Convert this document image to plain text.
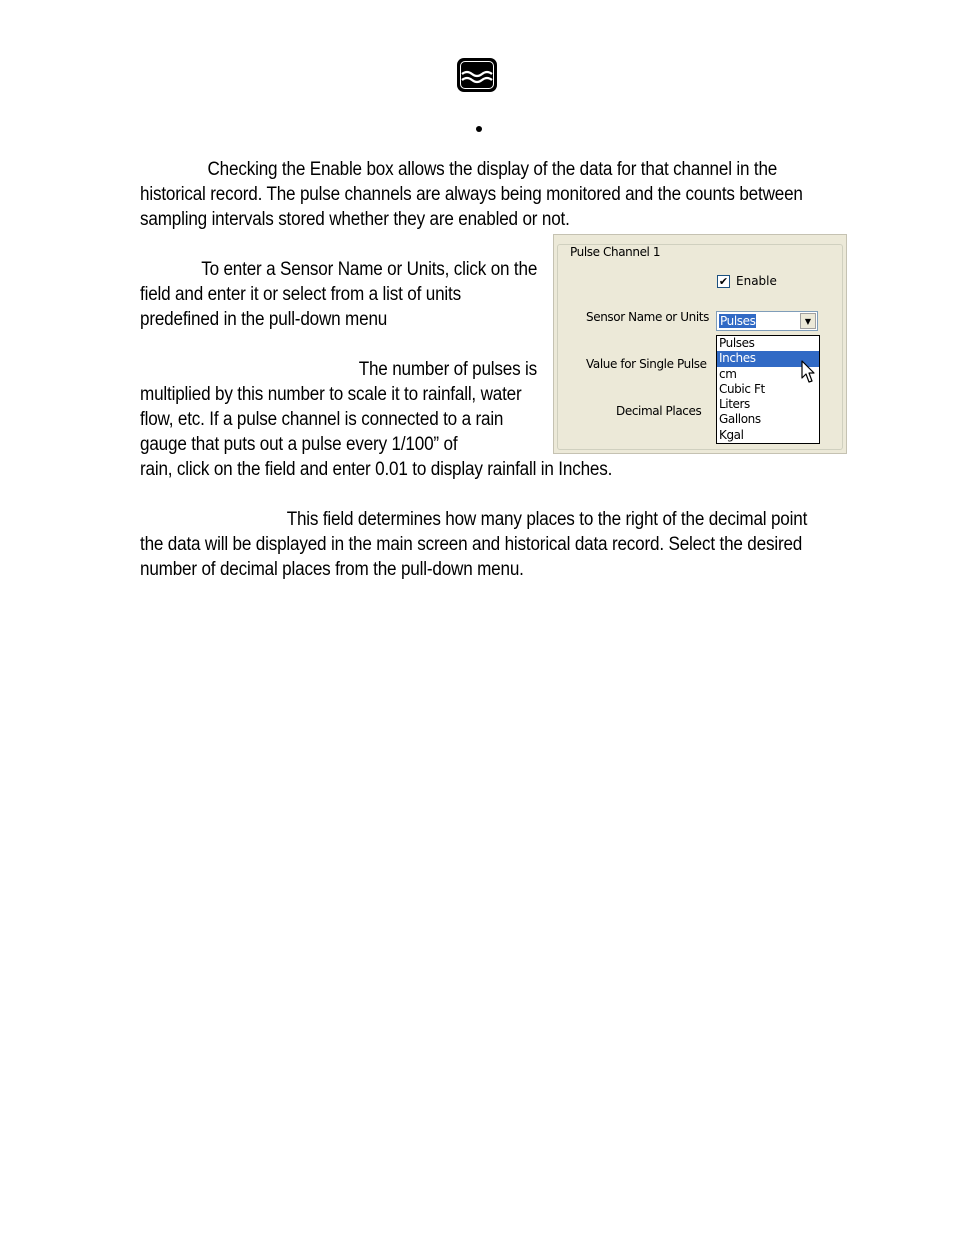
Checking the Enable box allows the display of the data for that channel in the historical record. The pulse channels are always being monitored and the counts between sampling intervals stored whether they are enabled or not.

To enter a Sensor Name or Units, click on the field and enter it or select from a list of units predefined in the pull-down menu

The number of pulses is multiplied by this number to scale it to rainfall, water flow, etc. If a pulse channel is connected to a rain gauge that puts out a pulse every 1/100” of

rain, click on the field and enter 0.01 to display rainfall in Inches.

This field determines how many places to the right of the decimal point the data will be displayed in the main screen and historical data record. Select the desired number of decimal places from the pull-down menu.

Pulse Channel 1
✔ Enable
Sensor Name or Units
Value for Single Pulse
Decimal Places
Pulses	▼
Pulses
Inches
cm
Cubic Ft
Liters
Gallons
Kgal
